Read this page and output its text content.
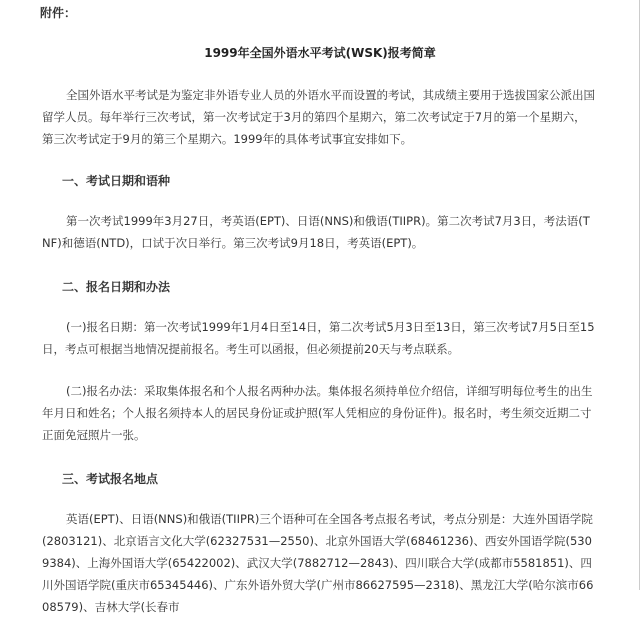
附件：
1999年全国外语水平考试(WSK)报考简章

全国外语水平考试是为鉴定非外语专业人员的外语水平而设置的考试，其成绩主要用于选拔国家公派出国留学人员。每年举行三次考试，第一次考试定于3月的第四个星期六，第二次考试定于7月的第一个星期六，第三次考试定于9月的第三个星期六。1999年的具体考试事宜安排如下。

一、考试日期和语种

第一次考试1999年3月27日，考英语(EPT)、日语(NNS)和俄语(TIIPR)。第二次考试7月3日，考法语(TNF)和德语(NTD)，口试于次日举行。第三次考试9月18日，考英语(EPT)。

二、报名日期和办法

(一)报名日期：第一次考试1999年1月4日至14日，第二次考试5月3日至13日，第三次考试7月5日至15日，考点可根据当地情况提前报名。考生可以函报，但必须提前20天与考点联系。

(二)报名办法：采取集体报名和个人报名两种办法。集体报名须持单位介绍信，详细写明每位考生的出生年月日和姓名；个人报名须持本人的居民身份证或护照(军人凭相应的身份证件)。报名时，考生须交近期二寸正面免冠照片一张。

三、考试报名地点

英语(EPT)、日语(NNS)和俄语(TIIPR)三个语种可在全国各考点报名考试，考点分别是：大连外国语学院(2803121)、北京语言文化大学(62327531—2550)、北京外国语大学(68461236)、西安外国语学院(5309384)、上海外国语大学(65422002)、武汉大学(7882712—2843)、四川联合大学(成都市5581851)、四川外国语学院(重庆市65345446)、广东外语外贸大学(广州市86627595—2318)、黑龙江大学(哈尔滨市6608579)、吉林大学(长春市
